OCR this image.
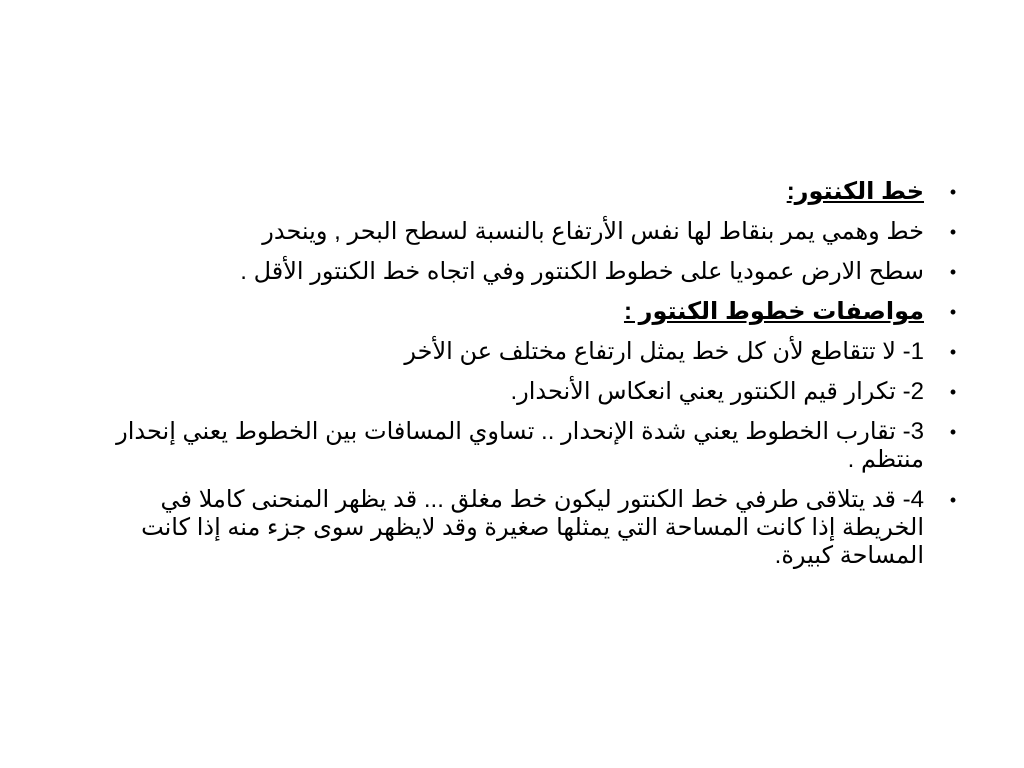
•
خط الكنتور:
•
خط وهمي يمر بنقاط لها نفس الأرتفاع بالنسبة لسطح البحر , وينحدر
•
سطح الارض عموديا على خطوط الكنتور وفي اتجاه خط الكنتور الأقل .
•
مواصفات خطوط الكنتور :
•
1- لا تتقاطع لأن كل خط يمثل ارتفاع مختلف عن الأخر
•
2- تكرار قيم الكنتور يعني انعكاس الأنحدار.
•
3- تقارب الخطوط يعني شدة الإنحدار .. تساوي المسافات بين الخطوط يعني إنحدار منتظم .
•
4- قد يتلاقى طرفي خط الكنتور ليكون خط مغلق ... قد يظهر المنحنى كاملا في الخريطة إذا كانت المساحة التي يمثلها صغيرة وقد لايظهر سوى جزء منه إذا كانت المساحة كبيرة.
